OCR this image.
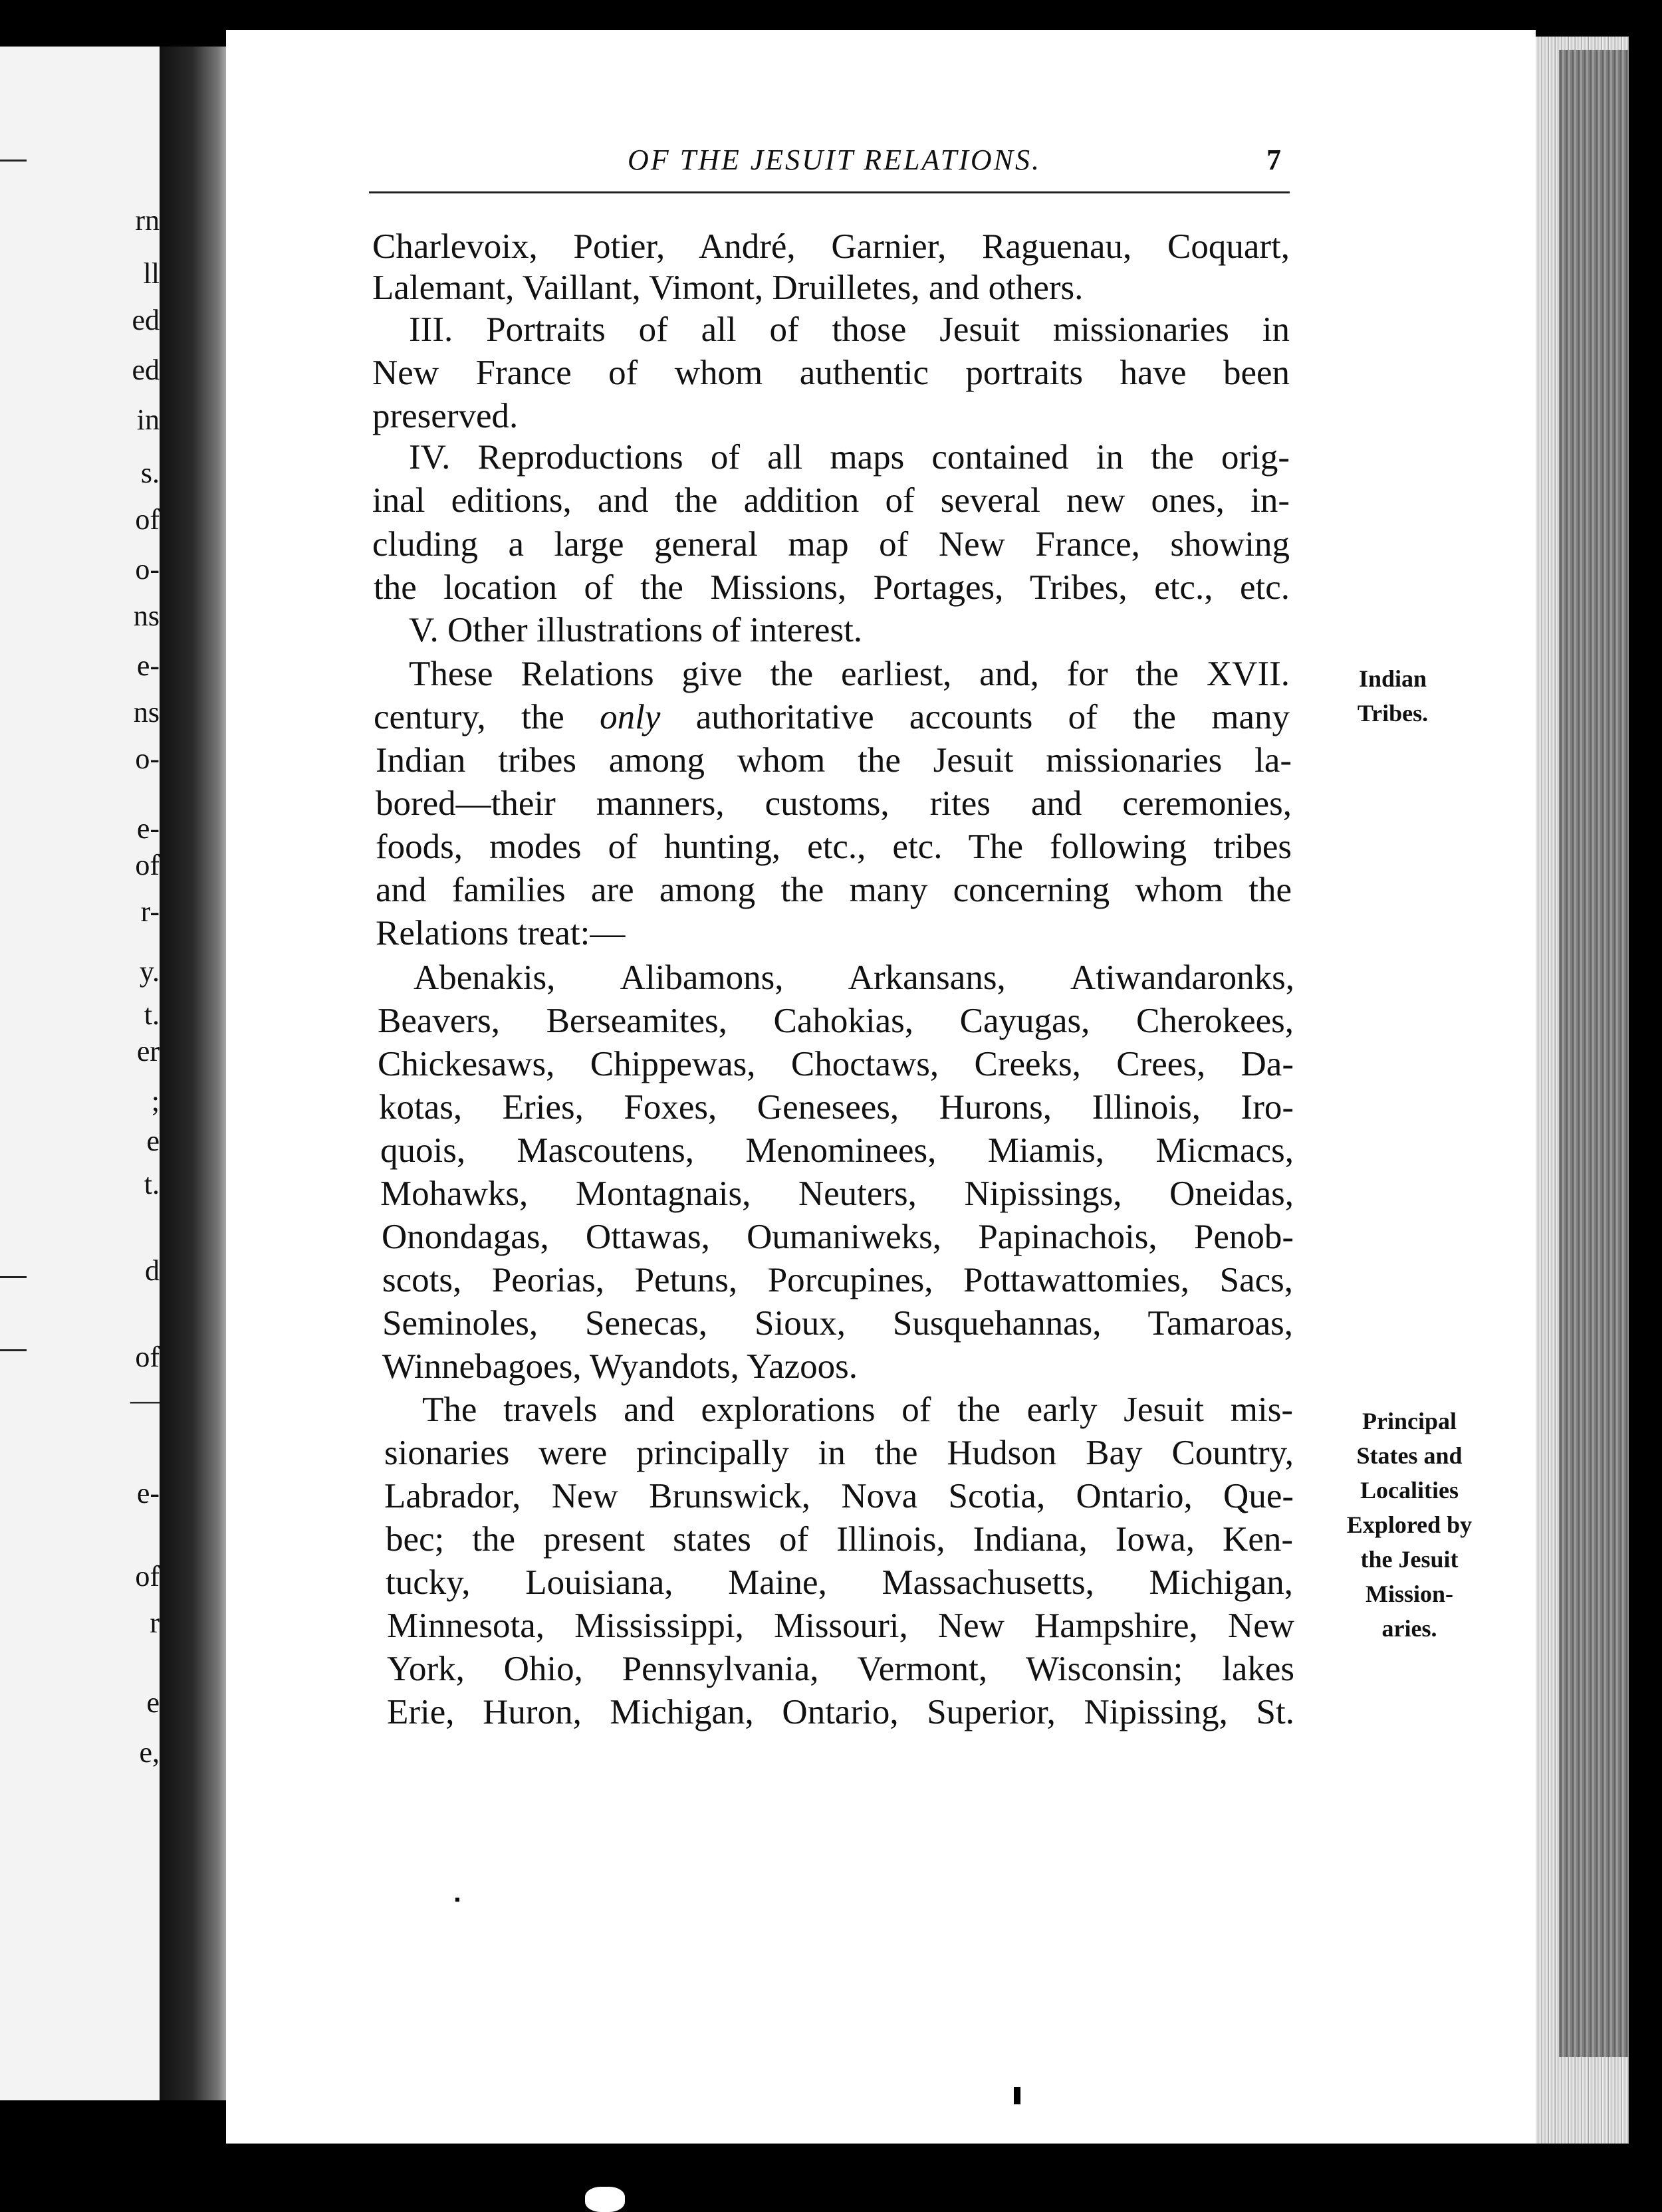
rn
ll
ed
ed
in
s.
of
o-
ns
e-
ns
o-
e-
of
r-
y.
t.
er
;
e
t.
d
of
—
e-
of
r
e
e,
OF THE JESUIT RELATIONS.	7
Charlevoix, Potier, André, Garnier, Raguenau, Coquart,
Lalemant, Vaillant, Vimont, Druilletes, and others.
III. Portraits of all of those Jesuit missionaries in
New France of whom authentic portraits have been
preserved.
IV. Reproductions of all maps contained in the orig-
inal editions, and the addition of several new ones, in-
cluding a large general map of New France, showing
the location of the Missions, Portages, Tribes, etc., etc.
V. Other illustrations of interest.
These Relations give the earliest, and, for the XVII.
century, the only authoritative accounts of the many
Indian tribes among whom the Jesuit missionaries la-
bored—their manners, customs, rites and ceremonies,
foods, modes of hunting, etc., etc. The following tribes
and families are among the many concerning whom the
Relations treat:—
Abenakis, Alibamons, Arkansans, Atiwandaronks,
Beavers, Berseamites, Cahokias, Cayugas, Cherokees,
Chickesaws, Chippewas, Choctaws, Creeks, Crees, Da-
kotas, Eries, Foxes, Genesees, Hurons, Illinois, Iro-
quois, Mascoutens, Menominees, Miamis, Micmacs,
Mohawks, Montagnais, Neuters, Nipissings, Oneidas,
Onondagas, Ottawas, Oumaniweks, Papinachois, Penob-
scots, Peorias, Petuns, Porcupines, Pottawattomies, Sacs,
Seminoles, Senecas, Sioux, Susquehannas, Tamaroas,
Winnebagoes, Wyandots, Yazoos.
The travels and explorations of the early Jesuit mis-
sionaries were principally in the Hudson Bay Country,
Labrador, New Brunswick, Nova Scotia, Ontario, Que-
bec; the present states of Illinois, Indiana, Iowa, Ken-
tucky, Louisiana, Maine, Massachusetts, Michigan,
Minnesota, Mississippi, Missouri, New Hampshire, New
York, Ohio, Pennsylvania, Vermont, Wisconsin; lakes
Erie, Huron, Michigan, Ontario, Superior, Nipissing, St.
Indian
Tribes.
Principal
States and
Localities
Explored by
the Jesuit
Mission-
aries.
